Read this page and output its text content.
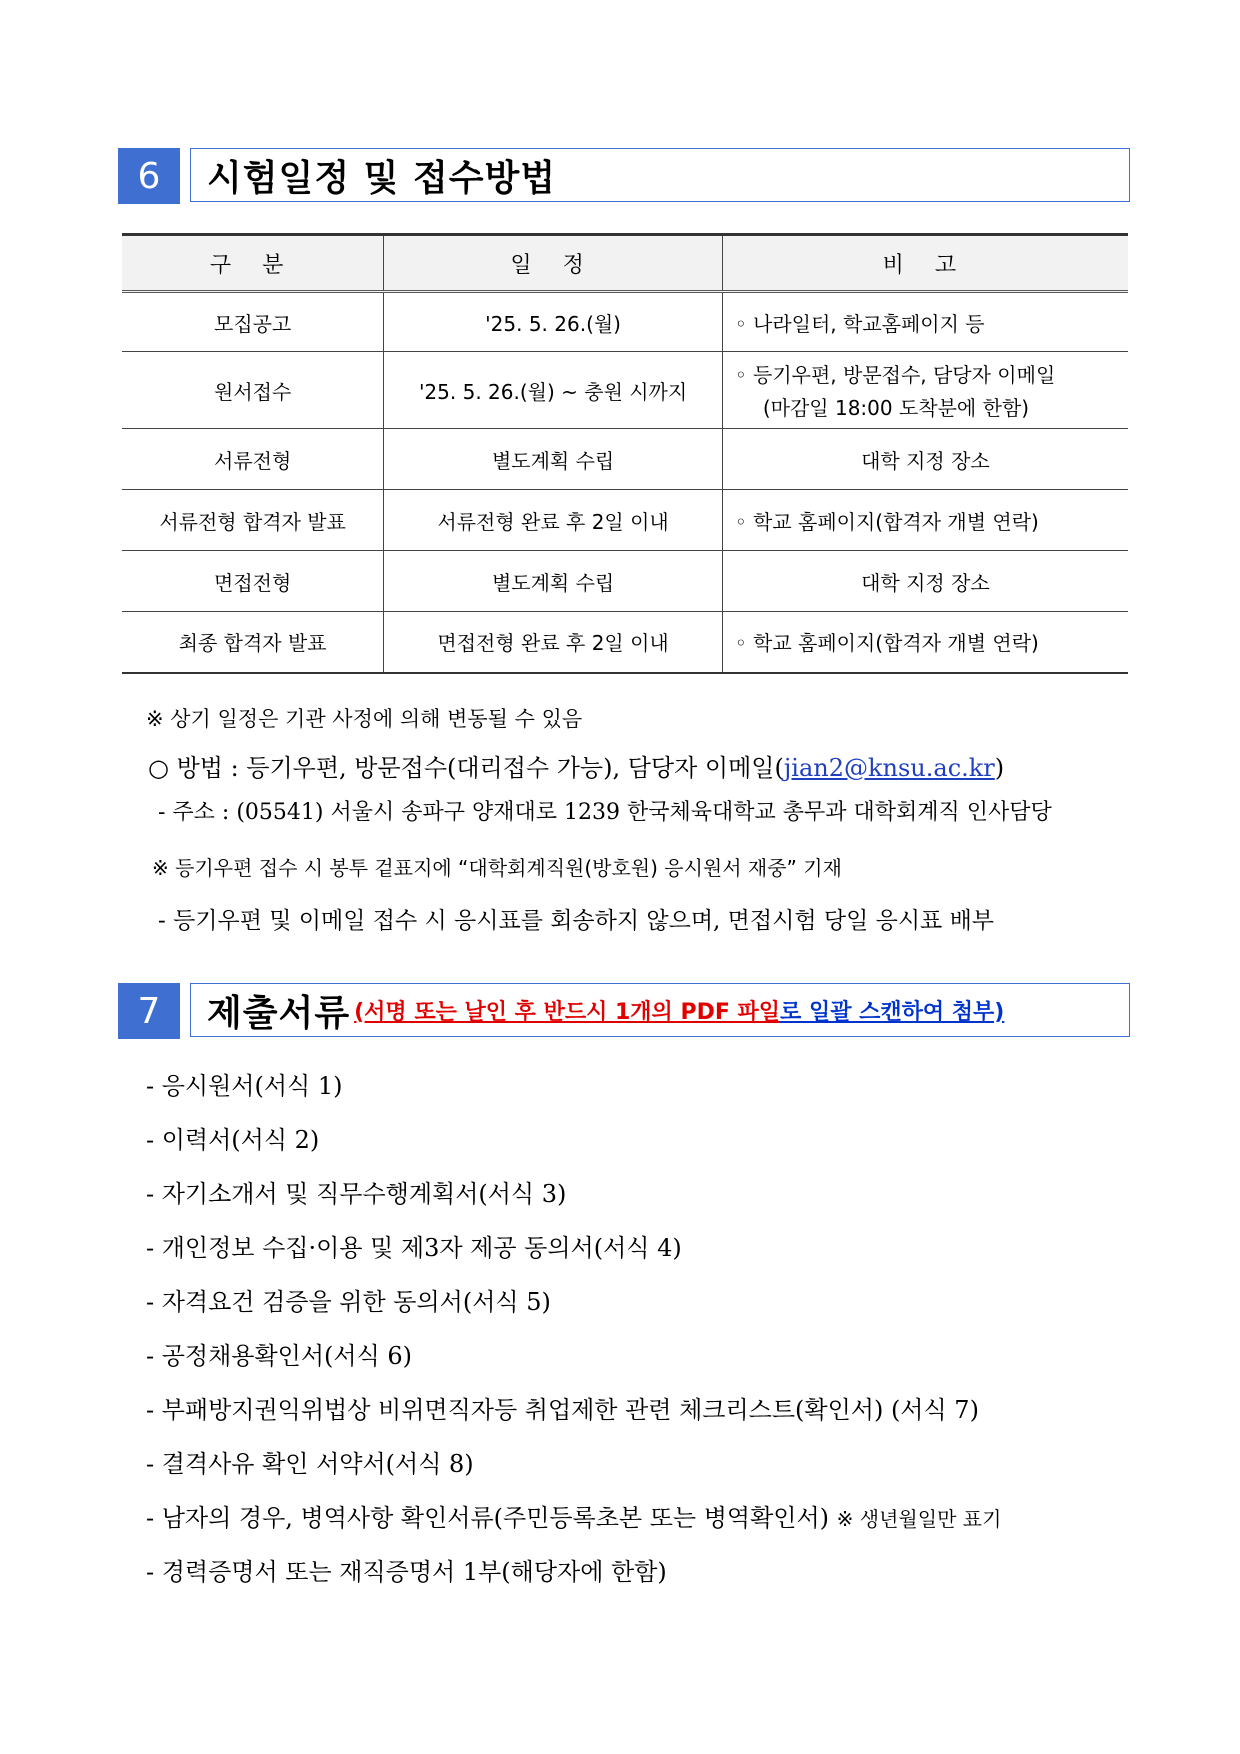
6	시험일정 및 접수방법
구 분	일 정	비 고
모집공고	'25. 5. 26.(월)	◦ 나라일터, 학교홈페이지 등
원서접수	'25. 5. 26.(월) ~ 충원 시까지	◦ 등기우편, 방문접수, 담당자 이메일
(마감일 18:00 도착분에 한함)

서류전형	별도계획 수립	대학 지정 장소
서류전형 합격자 발표	서류전형 완료 후 2일 이내	◦ 학교 홈페이지(합격자 개별 연락)
면접전형	별도계획 수립	대학 지정 장소
최종 합격자 발표	면접전형 완료 후 2일 이내	◦ 학교 홈페이지(합격자 개별 연락)
※ 상기 일정은 기관 사정에 의해 변동될 수 있음
○ 방법 : 등기우편, 방문접수(대리접수 가능), 담당자 이메일(jian2@knsu.ac.kr)
- 주소 : (05541) 서울시 송파구 양재대로 1239 한국체육대학교 총무과 대학회계직 인사담당
※ 등기우편 접수 시 봉투 겉표지에 “대학회계직원(방호원) 응시원서 재중” 기재
- 등기우편 및 이메일 접수 시 응시표를 회송하지 않으며, 면접시험 당일 응시표 배부
7	제출서류 (서명 또는 날인 후 반드시 1개의 PDF 파일 로 일괄 스캔하여 첨부)
- 응시원서(서식 1)
- 이력서(서식 2)
- 자기소개서 및 직무수행계획서(서식 3)
- 개인정보 수집·이용 및 제3자 제공 동의서(서식 4)
- 자격요건 검증을 위한 동의서(서식 5)
- 공정채용확인서(서식 6)
- 부패방지권익위법상 비위면직자등 취업제한 관련 체크리스트(확인서) (서식 7)
- 결격사유 확인 서약서(서식 8)
- 남자의 경우, 병역사항 확인서류(주민등록초본 또는 병역확인서) ※ 생년월일만 표기
- 경력증명서 또는 재직증명서 1부(해당자에 한함)
